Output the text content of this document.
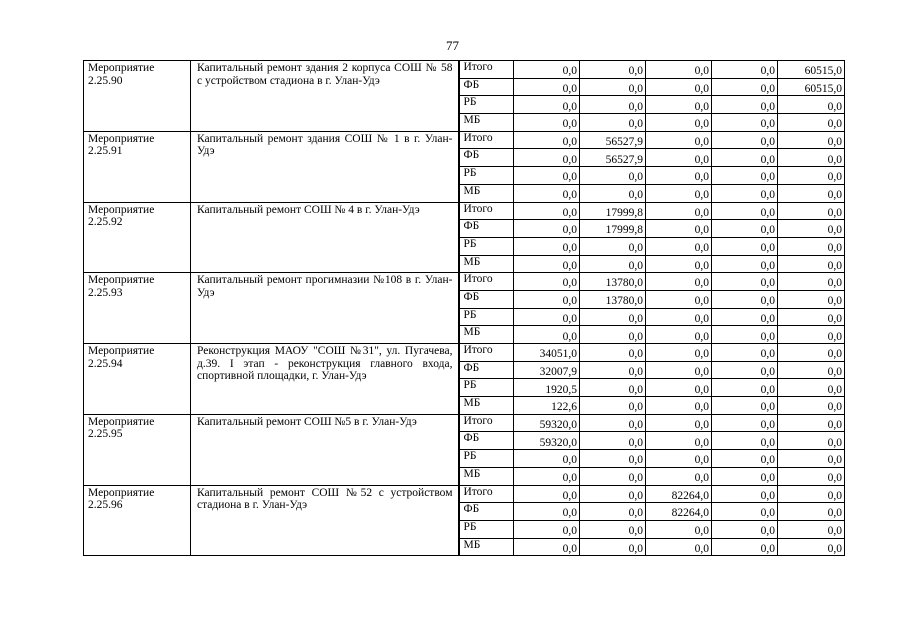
77
Мероприятие 2.25.90	Капитальный ремонт здания 2 корпуса СОШ № 58 с устройством стадиона в г. Улан-Удэ	Итого	0,0	0,0	0,0	0,0	60515,0
		ФБ	0,0	0,0	0,0	0,0	60515,0
		РБ	0,0	0,0	0,0	0,0	0,0
		МБ	0,0	0,0	0,0	0,0	0,0
Мероприятие 2.25.91	Капитальный ремонт здания СОШ № 1 в г. Улан-Удэ	Итого	0,0	56527,9	0,0	0,0	0,0
		ФБ	0,0	56527,9	0,0	0,0	0,0
		РБ	0,0	0,0	0,0	0,0	0,0
		МБ	0,0	0,0	0,0	0,0	0,0
Мероприятие 2.25.92	Капитальный ремонт СОШ № 4 в г. Улан-Удэ	Итого	0,0	17999,8	0,0	0,0	0,0
		ФБ	0,0	17999,8	0,0	0,0	0,0
		РБ	0,0	0,0	0,0	0,0	0,0
		МБ	0,0	0,0	0,0	0,0	0,0
Мероприятие 2.25.93	Капитальный ремонт прогимназии №108 в г. Улан-Удэ	Итого	0,0	13780,0	0,0	0,0	0,0
		ФБ	0,0	13780,0	0,0	0,0	0,0
		РБ	0,0	0,0	0,0	0,0	0,0
		МБ	0,0	0,0	0,0	0,0	0,0
Мероприятие 2.25.94	Реконструкция МАОУ "СОШ №31", ул. Пугачева, д.39. I этап - реконструкция главного входа, спортивной площадки, г. Улан-Удэ	Итого	34051,0	0,0	0,0	0,0	0,0
		ФБ	32007,9	0,0	0,0	0,0	0,0
		РБ	1920,5	0,0	0,0	0,0	0,0
		МБ	122,6	0,0	0,0	0,0	0,0
Мероприятие 2.25.95	Капитальный ремонт СОШ №5 в г. Улан-Удэ	Итого	59320,0	0,0	0,0	0,0	0,0
		ФБ	59320,0	0,0	0,0	0,0	0,0
		РБ	0,0	0,0	0,0	0,0	0,0
		МБ	0,0	0,0	0,0	0,0	0,0
Мероприятие 2.25.96	Капитальный ремонт СОШ №52 с устройством стадиона в г. Улан-Удэ	Итого	0,0	0,0	82264,0	0,0	0,0
		ФБ	0,0	0,0	82264,0	0,0	0,0
		РБ	0,0	0,0	0,0	0,0	0,0
		МБ	0,0	0,0	0,0	0,0	0,0
